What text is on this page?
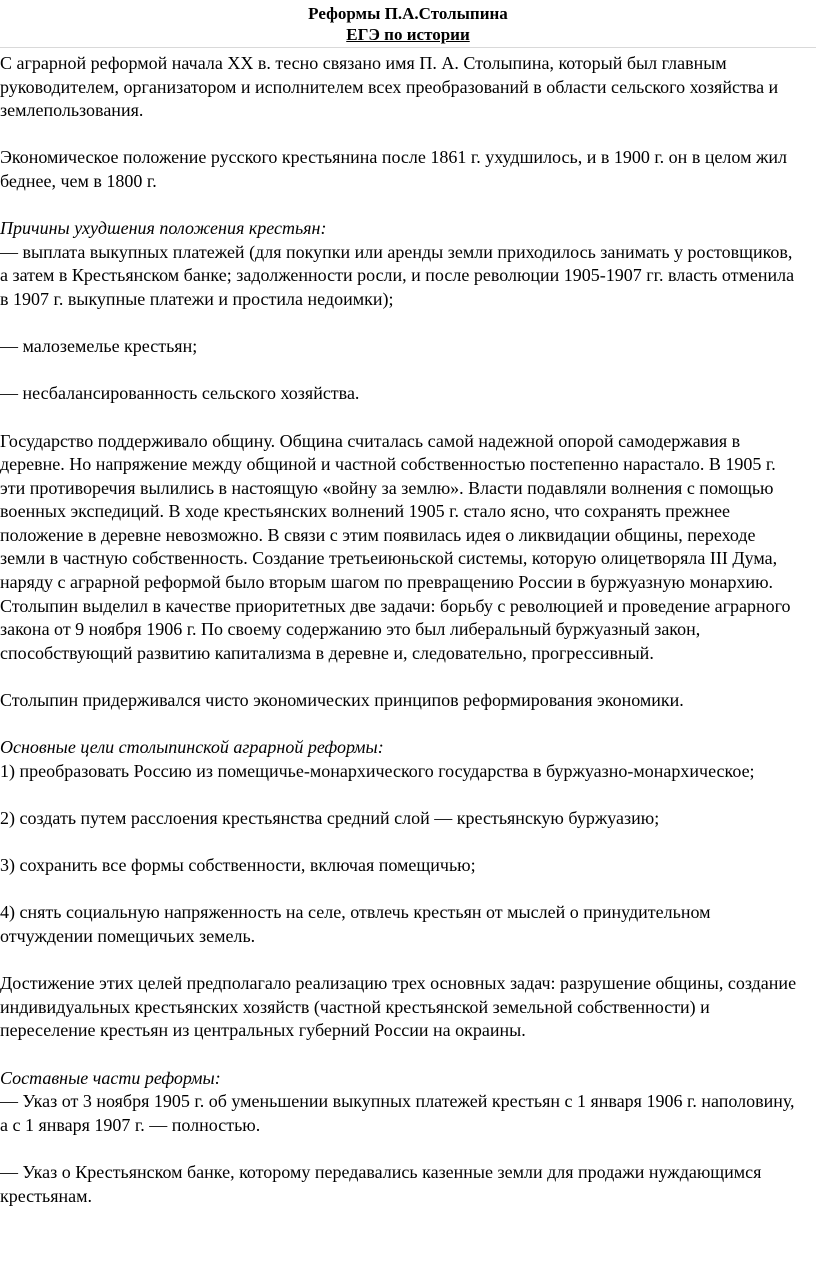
Реформы П.А.Столыпина
ЕГЭ по истории

С аграрной реформой начала XX в. тесно связано имя П. А. Столыпина, который был главным руководителем, организатором и исполнителем всех преобразований в области сельского хозяйства и землепользования.

Экономическое положение русского крестьянина после 1861 г. ухудшилось, и в 1900 г. он в целом жил беднее, чем в 1800 г.

Причины ухудшения положения крестьян:

— выплата выкупных платежей (для покупки или аренды земли приходилось занимать у ростовщиков, а затем в Крестьянском банке; задолженности росли, и после революции 1905-1907 гг. власть отменила в 1907 г. выкупные платежи и простила недоимки);

— малоземелье крестьян;

— несбалансированность сельского хозяйства.

Государство поддерживало общину. Община считалась самой надежной опорой самодержавия в деревне. Но напряжение между общиной и частной собственностью постепенно нарастало. В 1905 г. эти противоречия вылились в настоящую «войну за землю». Власти подавляли волнения с помощью военных экспедиций. В ходе крестьянских волнений 1905 г. стало ясно, что сохранять прежнее положение в деревне невозможно. В связи с этим появилась идея о ликвидации общины, переходе земли в частную собственность. Создание третьеиюньской системы, которую олицетворяла III Дума, наряду с аграрной реформой было вторым шагом по превращению России в буржуазную монархию. Столыпин выделил в качестве приоритетных две задачи: борьбу с революцией и проведение аграрного закона от 9 ноября 1906 г. По своему содержанию это был либеральный буржуазный закон, способствующий развитию капитализма в деревне и, следовательно, прогрессивный.

Столыпин придерживался чисто экономических принципов реформирования экономики.

Основные цели столыпинской аграрной реформы:

1) преобразовать Россию из помещичье-монархического государства в буржуазно-монархическое;

2) создать путем расслоения крестьянства средний слой — крестьянскую буржуазию;

3) сохранить все формы собственности, включая помещичью;

4) снять социальную напряженность на селе, отвлечь крестьян от мыслей о принудительном отчуждении помещичьих земель.

Достижение этих целей предполагало реализацию трех основных задач: разрушение общины, создание индивидуальных крестьянских хозяйств (частной крестьянской земельной собственности) и переселение крестьян из центральных губерний России на окраины.

Составные части реформы:

— Указ от 3 ноября 1905 г. об уменьшении выкупных платежей крестьян с 1 января 1906 г. наполовину, а с 1 января 1907 г. — полностью.

— Указ о Крестьянском банке, которому передавались казенные земли для продажи нуждающимся крестьянам.
